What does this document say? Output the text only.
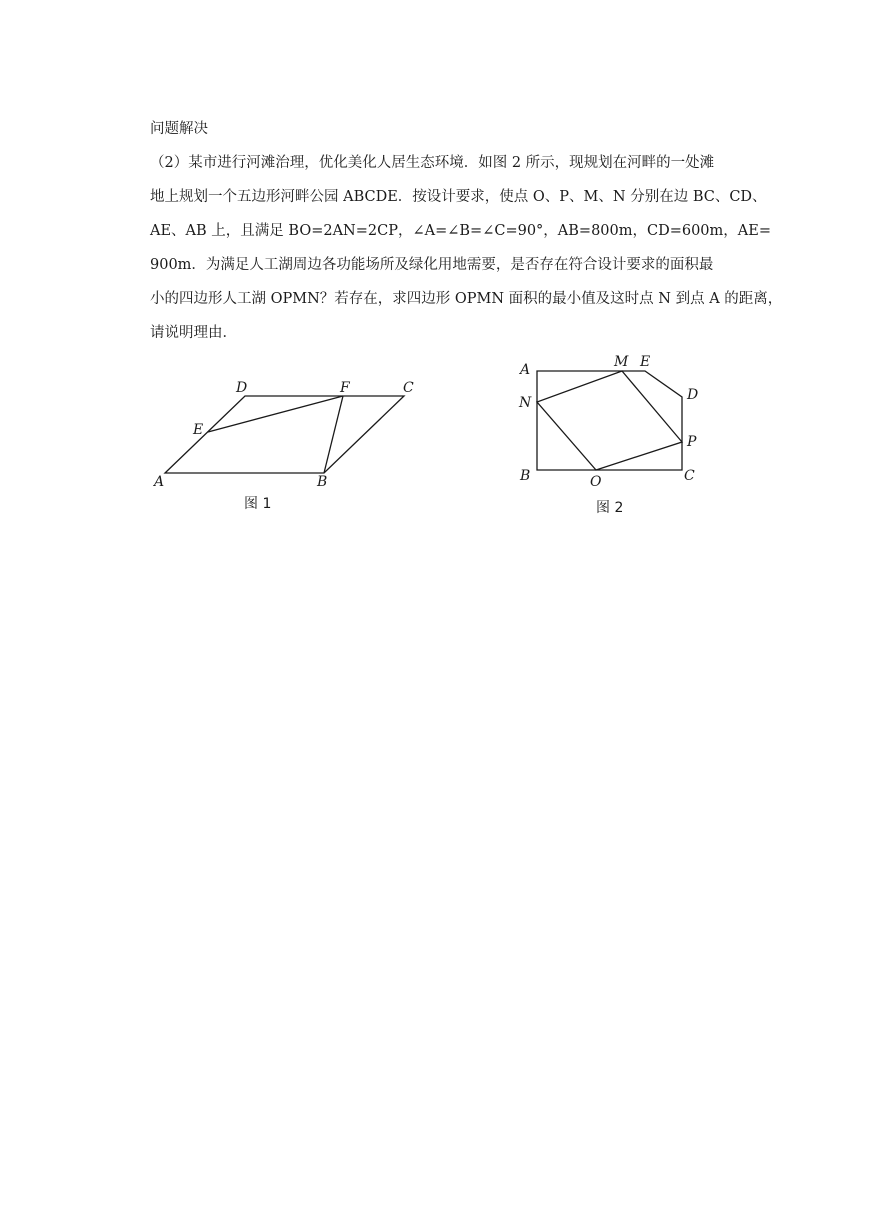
问题解决
（2）某市进行河滩治理，优化美化人居生态环境．如图 2 所示，现规划在河畔的一处滩
地上规划一个五边形河畔公园 ABCDE．按设计要求，使点 O、P、M、N 分别在边 BC、CD、
AE、AB 上，且满足 BO=2AN=2CP，∠A=∠B=∠C=90°，AB=800m，CD=600m，AE=
900m．为满足人工湖周边各功能场所及绿化用地需要，是否存在符合设计要求的面积最
小的四边形人工湖 OPMN？若存在，求四边形 OPMN 面积的最小值及这时点 N 到点 A 的距离，
请说明理由．
A	B
C
D
E
F
图 1
A
B	C
D
E
M
N
O
P
图 2
